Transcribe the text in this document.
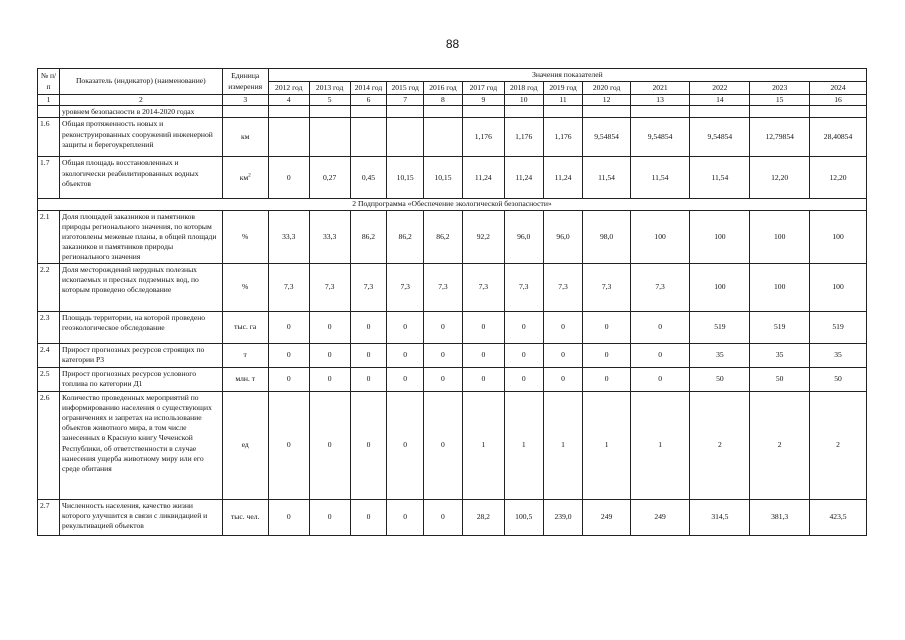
88
№ п/п	Показатель (индикатор) (наименование)	Единица измерения	Значения показателей												
			2012 год	2013 год	2014 год	2015 год	2016 год	2017 год	2018 год	2019 год	2020 год	2021	2022	2023	2024
1	2	3	4	5	6	7	8	9	10	11	12	13	14	15	16
	уровнем безопасности в 2014-2020 годах														
1.6	Общая протяженность новых и реконструированных сооружений инженерной защиты и берегоукреплений	км						1,176	1,176	1,176	9,54854	9,54854	9,54854	12,79854	28,40854
1.7	Общая площадь восстановленных и экологически реабилитированных водных объектов	$км^2$	0	0,27	0,45	10,15	10,15	11,24	11,24	11,24	11,54	11,54	11,54	12,20	12,20
2 Подпрограмма «Обеспечение экологической безопасности»															
2.1	Доля площадей заказников и памятников природы регионального значения, по которым изготовлены межевые планы, в общей площади заказников и памятников природы регионального значения	%	33,3	33,3	86,2	86,2	86,2	92,2	96,0	96,0	98,0	100	100	100	100
2.2	Доля месторождений нерудных полезных ископаемых и пресных подземных вод, по которым проведено обследование	%	7,3	7,3	7,3	7,3	7,3	7,3	7,3	7,3	7,3	7,3	100	100	100
2.3	Площадь территории, на которой проведено геоэкологическое обследование	тыс. га	0	0	0	0	0	0	0	0	0	0	519	519	519
2.4	Прирост прогнозных ресурсов строящих по категории Р3	т	0	0	0	0	0	0	0	0	0	0	35	35	35
2.5	Прирост прогнозных ресурсов условного топлива по категории Д1	млн. т	0	0	0	0	0	0	0	0	0	0	50	50	50
2.6	Количество проведенных мероприятий по информированию населения о существующих ограничениях и запретах на использование объектов животного мира, в том числе занесенных в Красную книгу Чеченской Республики, об ответственности в случае нанесения ущерба животному миру или его среде обитания	ед	0	0	0	0	0	1	1	1	1	1	2	2	2
2.7	Численность населения, качество жизни которого улучшится в связи с ликвидацией и рекультивацией объектов	тыс. чел.	0	0	0	0	0	28,2	100,5	239,0	249	249	314,5	381,3	423,5
